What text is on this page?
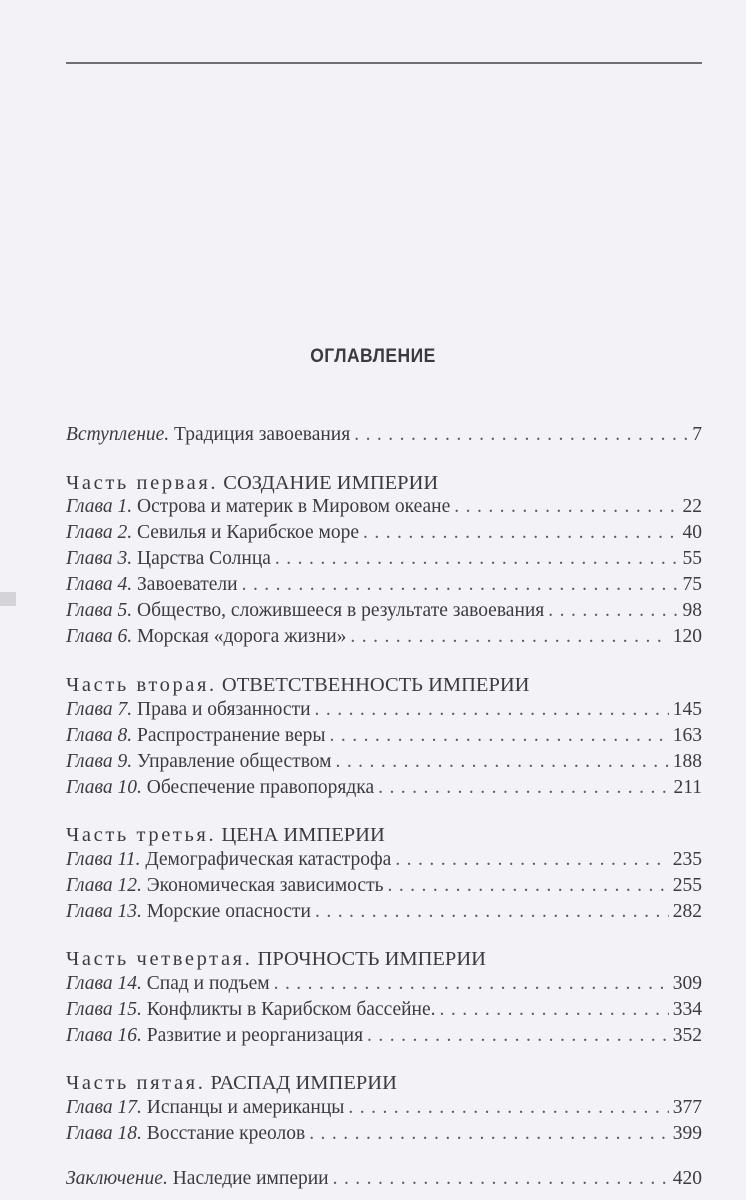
ОГЛАВЛЕНИЕ
Вступление. Традиция завоевания . . .	7
Часть первая. СОЗДАНИЕ ИМПЕРИИ
Глава 1. Острова и материк в Мировом океане . . .	22
Глава 2. Севилья и Карибское море . . .	40
Глава 3. Царства Солнца . . .	55
Глава 4. Завоеватели . . .	75
Глава 5. Общество, сложившееся в результате завоевания . . .	98
Глава 6. Морская «дорога жизни» . . .	120
Часть вторая. ОТВЕТСТВЕННОСТЬ ИМПЕРИИ
Глава 7. Права и обязанности . . .	145
Глава 8. Распространение веры . . .	163
Глава 9. Управление обществом . . .	188
Глава 10. Обеспечение правопорядка . . .	211
Часть третья. ЦЕНА ИМПЕРИИ
Глава 11. Демографическая катастрофа . . .	235
Глава 12. Экономическая зависимость . . .	255
Глава 13. Морские опасности . . .	282
Часть четвертая. ПРОЧНОСТЬ ИМПЕРИИ
Глава 14. Спад и подъем . . .	309
Глава 15. Конфликты в Карибском бассейне. . . .	334
Глава 16. Развитие и реорганизация . . .	352
Часть пятая. РАСПАД ИМПЕРИИ
Глава 17. Испанцы и американцы . . .	377
Глава 18. Восстание креолов . . .	399
Заключение. Наследие империи . . .	420
